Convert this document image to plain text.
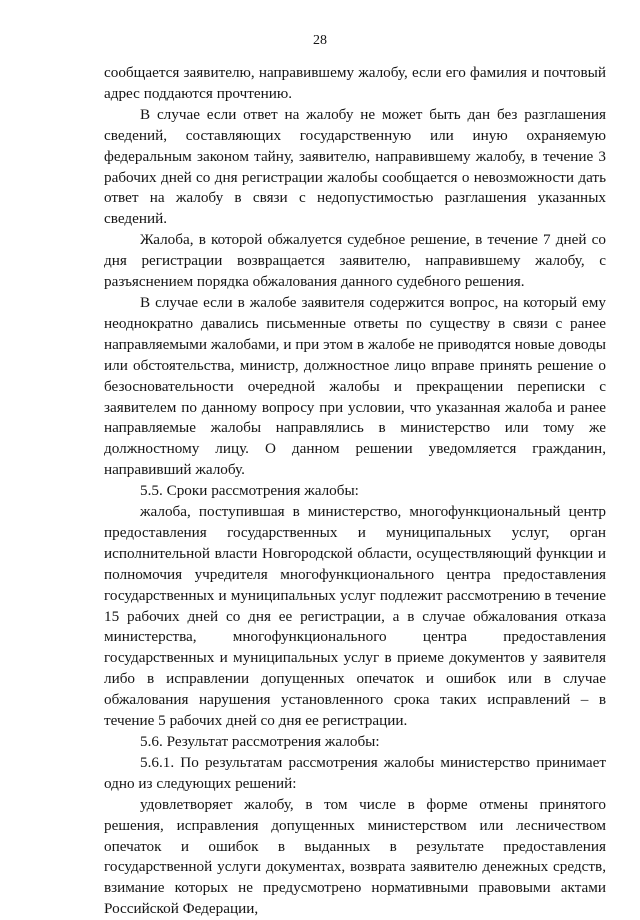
28

сообщается заявителю, направившему жалобу, если его фамилия и почтовый адрес поддаются прочтению.

В случае если ответ на жалобу не может быть дан без разглашения сведений, составляющих государственную или иную охраняемую федеральным законом тайну, заявителю, направившему жалобу, в течение 3 рабочих дней со дня регистрации жалобы сообщается о невозможности дать ответ на жалобу в связи с недопустимостью разглашения указанных сведений.

Жалоба, в которой обжалуется судебное решение, в течение 7 дней со дня регистрации возвращается заявителю, направившему жалобу, с разъяснением порядка обжалования данного судебного решения.

В случае если в жалобе заявителя содержится вопрос, на который ему неоднократно давались письменные ответы по существу в связи с ранее направляемыми жалобами, и при этом в жалобе не приводятся новые доводы или обстоятельства, министр, должностное лицо вправе принять решение о безосновательности очередной жалобы и прекращении переписки с заявителем по данному вопросу при условии, что указанная жалоба и ранее направляемые жалобы направлялись в министерство или тому же должностному лицу. О данном решении уведомляется гражданин, направивший жалобу.

5.5. Сроки рассмотрения жалобы:

жалоба, поступившая в министерство, многофункциональный центр предоставления государственных и муниципальных услуг, орган исполнительной власти Новгородской области, осуществляющий функции и полномочия учредителя многофункционального центра предоставления государственных и муниципальных услуг подлежит рассмотрению в течение 15 рабочих дней со дня ее регистрации, а в случае обжалования отказа министерства, многофункционального центра предоставления государственных и муниципальных услуг в приеме документов у заявителя либо в исправлении допущенных опечаток и ошибок или в случае обжалования нарушения установленного срока таких исправлений – в течение 5 рабочих дней со дня ее регистрации.

5.6. Результат рассмотрения жалобы:

5.6.1. По результатам рассмотрения жалобы министерство принимает одно из следующих решений:

удовлетворяет жалобу, в том числе в форме отмены принятого решения, исправления допущенных министерством или лесничеством опечаток и ошибок в выданных в результате предоставления государственной услуги документах, возврата заявителю денежных средств, взимание которых не предусмотрено нормативными правовыми актами Российской Федерации,
